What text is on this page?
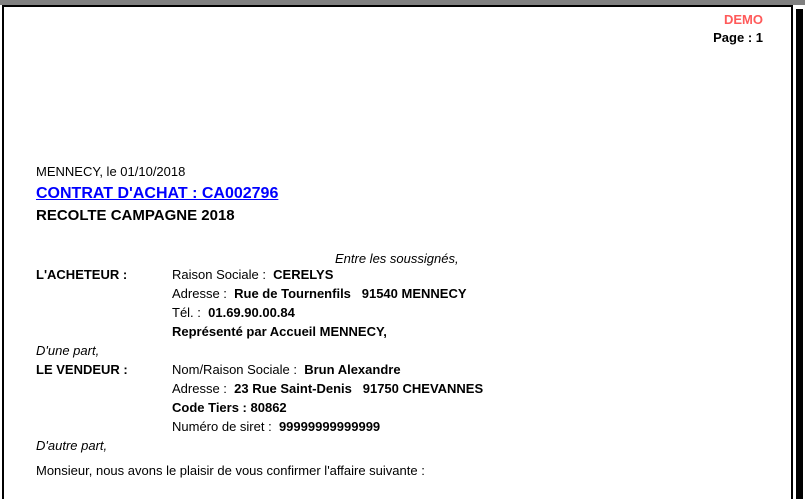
DEMO
Page : 1
MENNECY, le 01/10/2018
CONTRAT D'ACHAT : CA002796
RECOLTE CAMPAGNE 2018
Entre les soussignés,
L'ACHETEUR :	Raison Sociale :  CERELYS
Adresse :  Rue de Tournenfils   91540 MENNECY
Tél. :  01.69.90.00.84
Représenté par Accueil MENNECY,
D'une part,
LE VENDEUR :	Nom/Raison Sociale :  Brun Alexandre
Adresse :  23 Rue Saint-Denis   91750 CHEVANNES
Code Tiers : 80862
Numéro de siret :  99999999999999
D'autre part,
Monsieur, nous avons le plaisir de vous confirmer l'affaire suivante :
